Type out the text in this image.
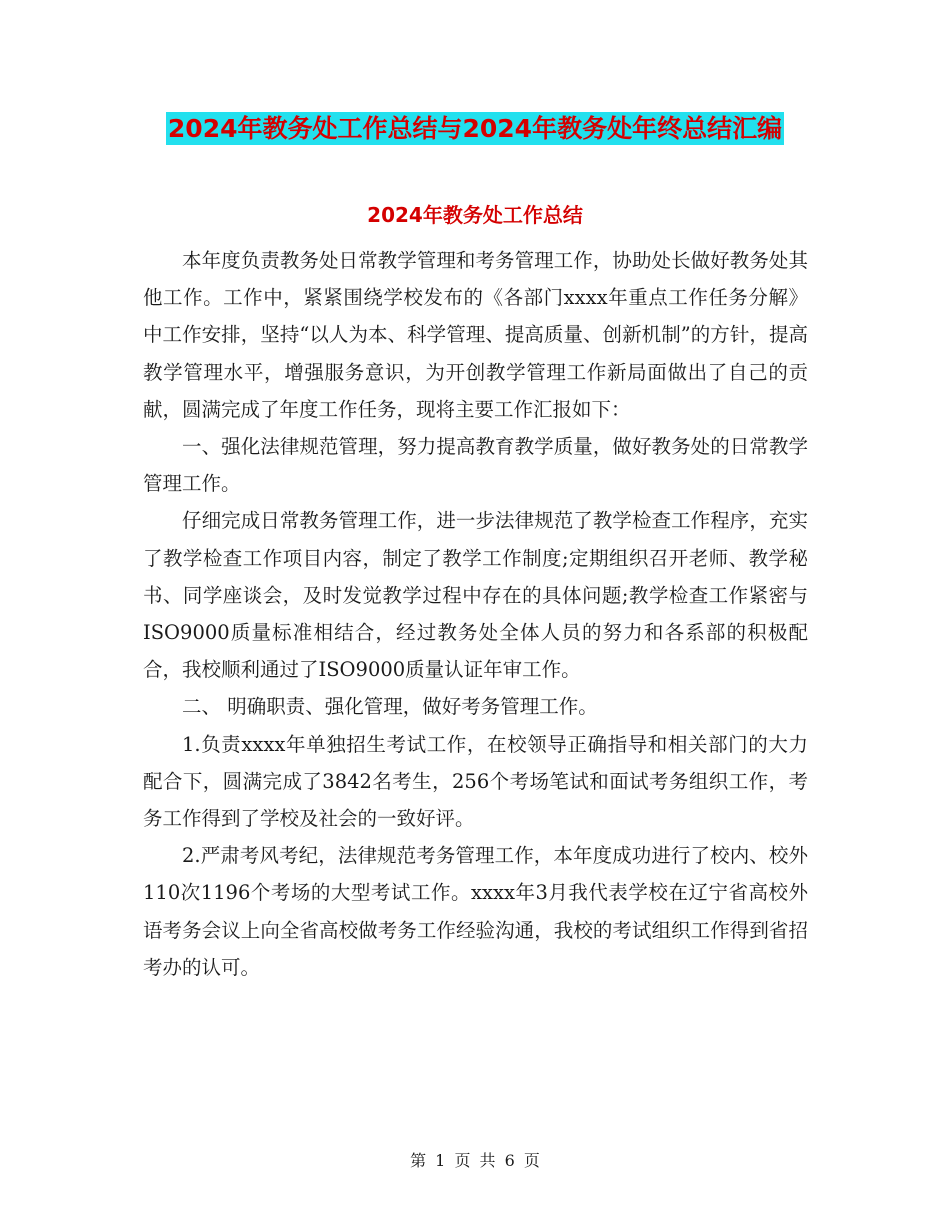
2024年教务处工作总结与2024年教务处年终总结汇编
2024年教务处工作总结

本年度负责教务处日常教学管理和考务管理工作，协助处长做好教务处其他工作。工作中，紧紧围绕学校发布的《各部门xxxx年重点工作任务分解》中工作安排，坚持“以人为本、科学管理、提高质量、创新机制”的方针，提高教学管理水平，增强服务意识，为开创教学管理工作新局面做出了自己的贡献，圆满完成了年度工作任务，现将主要工作汇报如下：

一、强化法律规范管理，努力提高教育教学质量，做好教务处的日常教学管理工作。

仔细完成日常教务管理工作，进一步法律规范了教学检查工作程序，充实了教学检查工作项目内容，制定了教学工作制度;定期组织召开老师、教学秘书、同学座谈会，及时发觉教学过程中存在的具体问题;教学检查工作紧密与ISO9000质量标准相结合，经过教务处全体人员的努力和各系部的积极配合，我校顺利通过了ISO9000质量认证年审工作。

二、 明确职责、强化管理，做好考务管理工作。

1.负责xxxx年单独招生考试工作，在校领导正确指导和相关部门的大力配合下，圆满完成了3842名考生，256个考场笔试和面试考务组织工作，考务工作得到了学校及社会的一致好评。

2.严肃考风考纪，法律规范考务管理工作，本年度成功进行了校内、校外110次1196个考场的大型考试工作。xxxx年3月我代表学校在辽宁省高校外语考务会议上向全省高校做考务工作经验沟通，我校的考试组织工作得到省招考办的认可。

第 1 页 共 6 页
